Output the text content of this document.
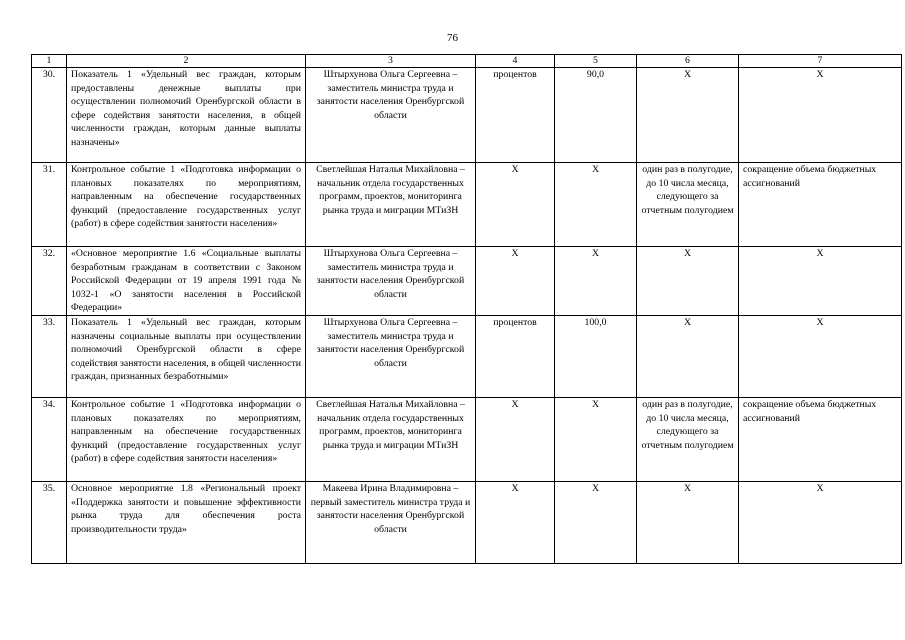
76
1	2	3	4	5	6	7
30.	Показатель 1 «Удельный вес граждан, которым предоставлены денежные выплаты при осуществлении полномочий Оренбургской области в сфере содействия занятости населения, в общей численности граждан, которым данные выплаты назначены»	Штырхунова Ольга Сергеевна – заместитель министра труда и занятости населения Оренбургской области	процентов	90,0	X	X
31.	Контрольное событие 1 «Подготовка информации о плановых показателях по мероприятиям, направленным на обеспечение государственных функций (предоставление государственных услуг (работ) в сфере содействия занятости населения»	Светлейшая Наталья Михайловна – начальник отдела государственных программ, проектов, мониторинга рынка труда и миграции МТиЗН	X	X	один раз в полугодие, до 10 числа месяца, следующего за отчетным полугодием	сокращение объема бюджетных ассигнований
32.	«Основное мероприятие 1.6 «Социальные выплаты безработным гражданам в соответствии с Законом Российской Федерации от 19 апреля 1991 года № 1032-1 «О занятости населения в Российской Федерации»	Штырхунова Ольга Сергеевна – заместитель министра труда и занятости населения Оренбургской области	X	X	X	X
33.	Показатель 1 «Удельный вес граждан, которым назначены социальные выплаты при осуществлении полномочий Оренбургской области в сфере содействия занятости населения, в общей численности граждан, признанных безработными»	Штырхунова Ольга Сергеевна – заместитель министра труда и занятости населения Оренбургской области	процентов	100,0	X	X
34.	Контрольное событие 1 «Подготовка информации о плановых показателях по мероприятиям, направленным на обеспечение государственных функций (предоставление государственных услуг (работ) в сфере содействия занятости населения»	Светлейшая Наталья Михайловна – начальник отдела государственных программ, проектов, мониторинга рынка труда и миграции МТиЗН	X	X	один раз в полугодие, до 10 числа месяца, следующего за отчетным полугодием	сокращение объема бюджетных ассигнований
35.	Основное мероприятие 1.8 «Региональный проект «Поддержка занятости и повышение эффективности рынка труда для обеспечения роста производительности труда»	Макеева Ирина Владимировна – первый заместитель министра труда и занятости населения Оренбургской области	X	X	X	X
